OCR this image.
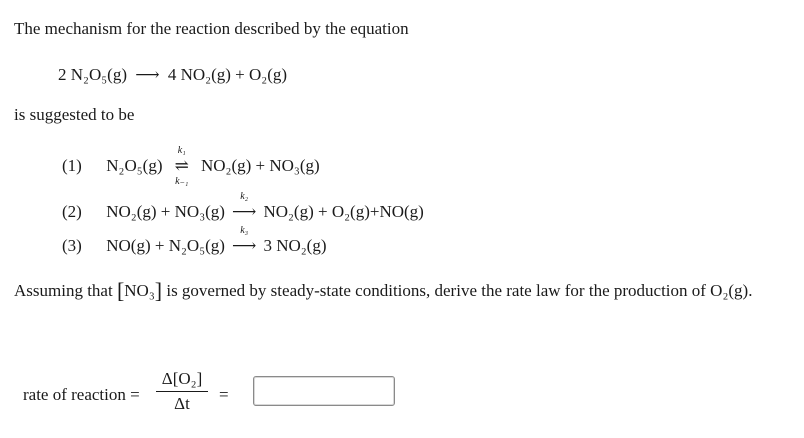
The mechanism for the reaction described by the equation
2 N₂O₅(g) ⟶ 4 NO₂(g) + O₂(g)
is suggested to be
(1) N₂O₅(g)
k₁
⇌
k₋₁
NO₂(g) + NO₃(g)
(2) NO₂(g) + NO₃(g)
k₂
⟶ NO₂(g) + O₂(g)+NO(g)
(3) NO(g) + N₂O₅(g)
k₃
⟶ 3 NO₂(g)
Assuming that [NO₃] is governed by steady-state conditions, derive the rate law for the production of O₂(g).
rate of reaction =
Δ[O₂]
Δt	=
